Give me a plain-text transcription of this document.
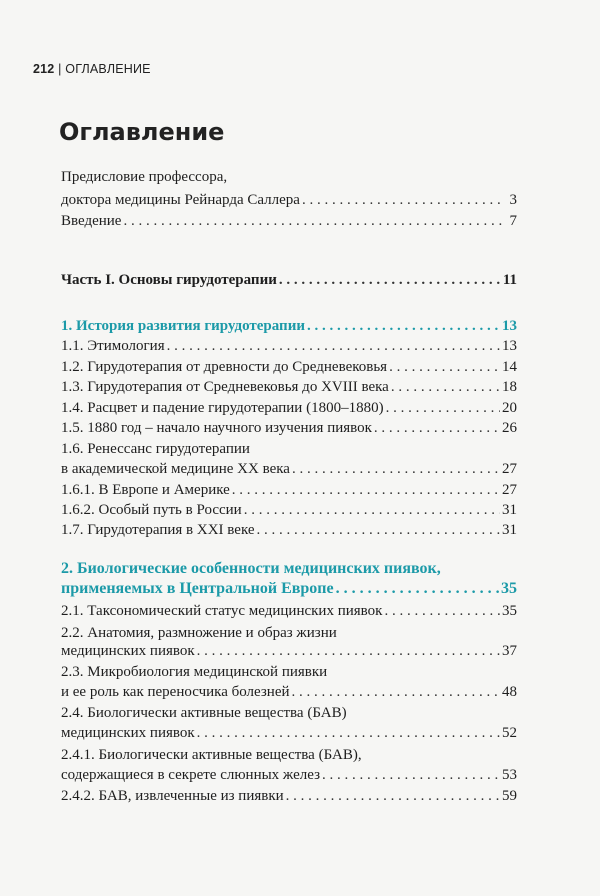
212 | ОГЛАВЛЕНИЕ
Оглавление
Предисловие профессора,
доктора медицины Рейнарда Саллера . . .	3
Введение . . .	7
Часть I. Основы гирудотерапии . . .	11
1. История развития гирудотерапии . . .	13
1.1. Этимология . . .	13
1.2. Гирудотерапия от древности до Средневековья . . .	14
1.3. Гирудотерапия от Средневековья до XVIII века . . .	18
1.4. Расцвет и падение гирудотерапии (1800–1880) . . .	20
1.5. 1880 год – начало научного изучения пиявок . . .	26
1.6. Ренессанс гирудотерапии
в академической медицине XX века . . .	27
1.6.1. В Европе и Америке . . .	27
1.6.2. Особый путь в России . . .	31
1.7. Гирудотерапия в XXI веке . . .	31
2. Биологические особенности медицинских пиявок,
применяемых в Центральной Европе . . .	35
2.1. Таксономический статус медицинских пиявок . . .	35
2.2. Анатомия, размножение и образ жизни
медицинских пиявок . . .	37
2.3. Микробиология медицинской пиявки
и ее роль как переносчика болезней . . .	48
2.4. Биологически активные вещества (БАВ)
медицинских пиявок . . .	52
2.4.1. Биологически активные вещества (БАВ),
содержащиеся в секрете слюнных желез . . .	53
2.4.2. БАВ, извлеченные из пиявки . . .	59
